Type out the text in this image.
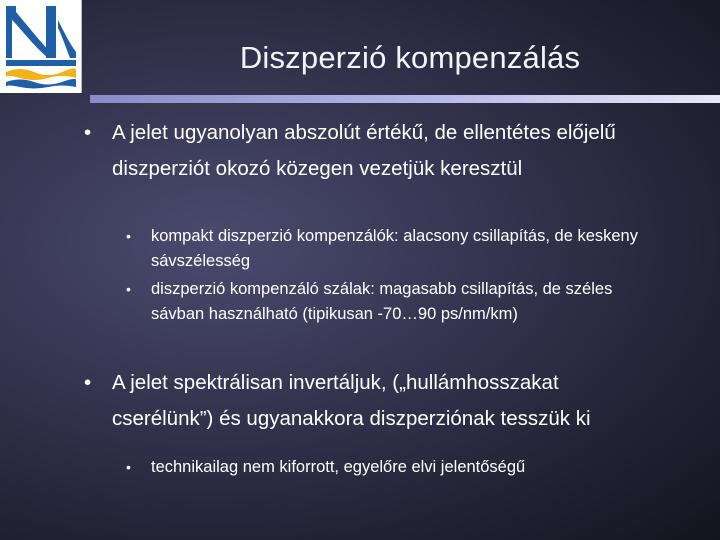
Diszperzió kompenzálás
•	A jelet ugyanolyan abszolút értékű, de ellentétes előjelű diszperziót okozó közegen vezetjük keresztül
•	kompakt diszperzió kompenzálók: alacsony csillapítás, de keskeny sávszélesség
•	diszperzió kompenzáló szálak: magasabb csillapítás, de széles sávban használható (tipikusan -70…90 ps/nm/km)
•	A jelet spektrálisan invertáljuk, („hullámhosszakat cserélünk”) és ugyanakkora diszperziónak tesszük ki
•	technikailag nem kiforrott, egyelőre elvi jelentőségű
